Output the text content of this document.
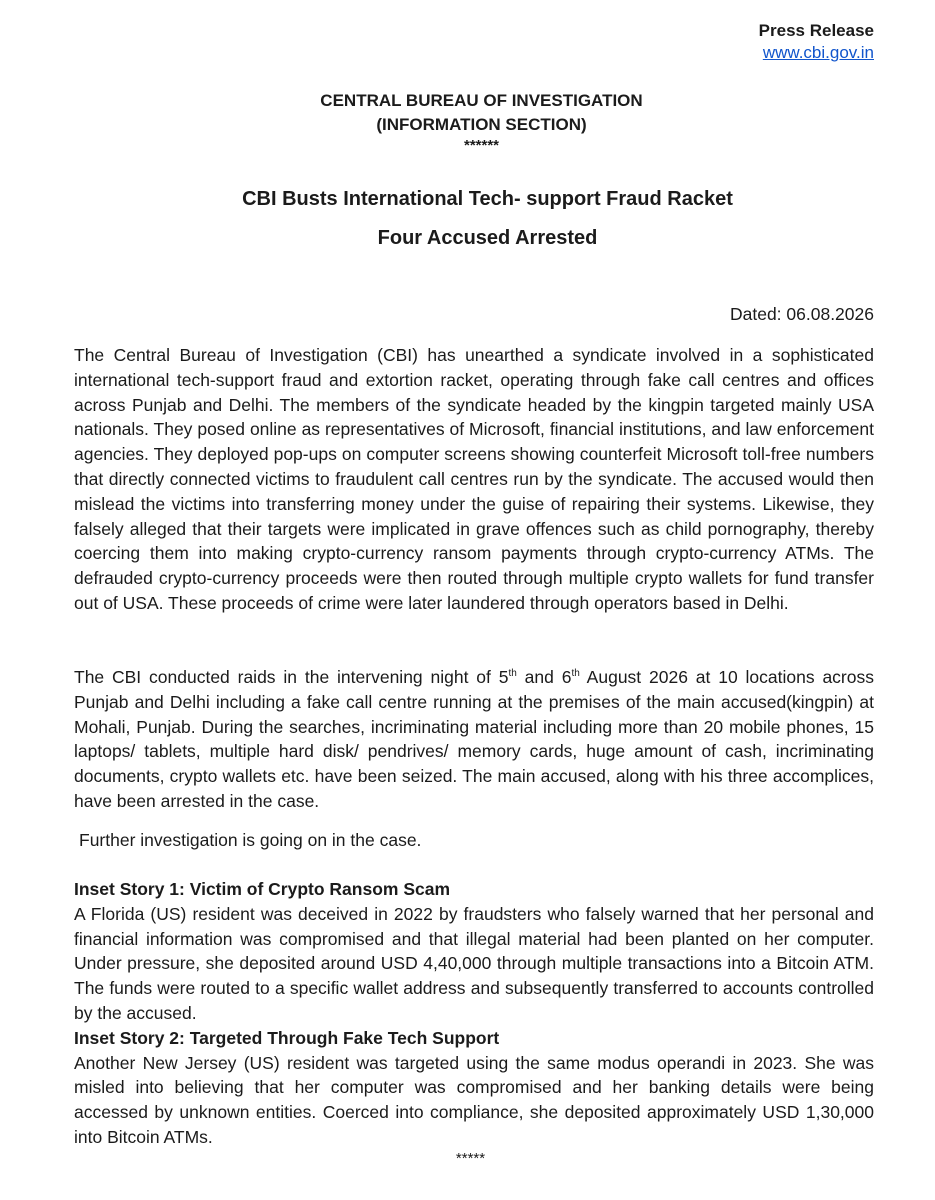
Press Release
www.cbi.gov.in
CENTRAL BUREAU OF INVESTIGATION
(INFORMATION SECTION)
******
CBI Busts International Tech- support Fraud Racket
Four Accused Arrested
Dated: 06.08.2026

The Central Bureau of Investigation (CBI) has unearthed a syndicate involved in a sophisticated international tech-support fraud and extortion racket, operating through fake call centres and offices across Punjab and Delhi. The members of the syndicate headed by the kingpin targeted mainly USA nationals. They posed online as representatives of Microsoft, financial institutions, and law enforcement agencies. They deployed pop-ups on computer screens showing counterfeit Microsoft toll-free numbers that directly connected victims to fraudulent call centres run by the syndicate. The accused would then mislead the victims into transferring money under the guise of repairing their systems. Likewise, they falsely alleged that their targets were implicated in grave offences such as child pornography, thereby coercing them into making crypto-currency ransom payments through crypto-currency ATMs. The defrauded crypto-currency proceeds were then routed through multiple crypto wallets for fund transfer out of USA. These proceeds of crime were later laundered through operators based in Delhi.

The CBI conducted raids in the intervening night of 5th and 6th August 2026 at 10 locations across Punjab and Delhi including a fake call centre running at the premises of the main accused(kingpin) at Mohali, Punjab. During the searches, incriminating material including more than 20 mobile phones, 15 laptops/ tablets, multiple hard disk/ pendrives/ memory cards, huge amount of cash, incriminating documents, crypto wallets etc. have been seized. The main accused, along with his three accomplices, have been arrested in the case.

Further investigation is going on in the case.

Inset Story 1: Victim of Crypto Ransom Scam

A Florida (US) resident was deceived in 2022 by fraudsters who falsely warned that her personal and financial information was compromised and that illegal material had been planted on her computer. Under pressure, she deposited around USD 4,40,000 through multiple transactions into a Bitcoin ATM. The funds were routed to a specific wallet address and subsequently transferred to accounts controlled by the accused.

Inset Story 2: Targeted Through Fake Tech Support

Another New Jersey (US) resident was targeted using the same modus operandi in 2023. She was misled into believing that her computer was compromised and her banking details were being accessed by unknown entities. Coerced into compliance, she deposited approximately USD 1,30,000 into Bitcoin ATMs.

*****
